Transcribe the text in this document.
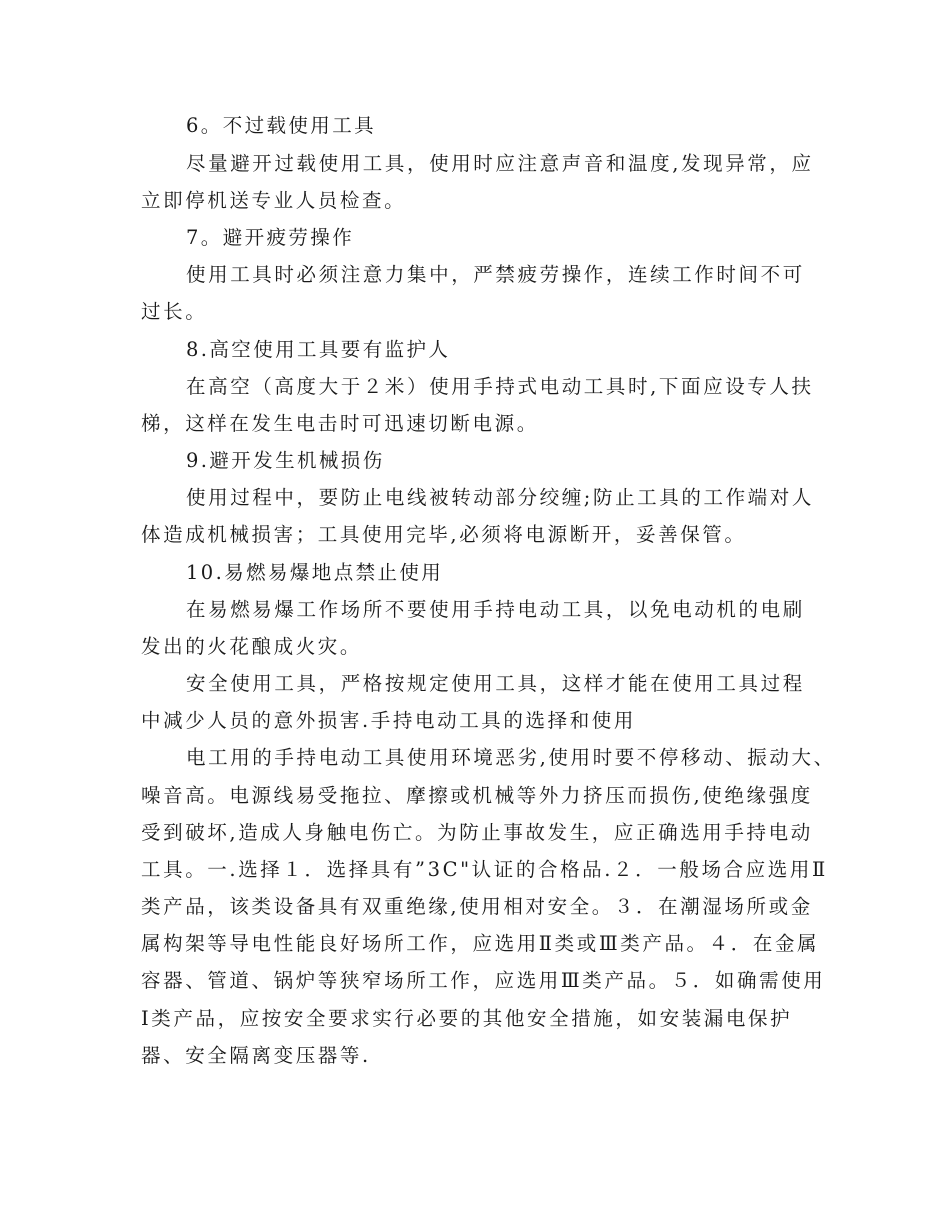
6。不过载使用工具
尽量避开过载使用工具，使用时应注意声音和温度,发现异常，应
立即停机送专业人员检查。
7。避开疲劳操作
使用工具时必须注意力集中，严禁疲劳操作，连续工作时间不可
过长。
8.高空使用工具要有监护人
在高空（高度大于２米）使用手持式电动工具时,下面应设专人扶
梯，这样在发生电击时可迅速切断电源。
9.避开发生机械损伤
使用过程中，要防止电线被转动部分绞缠;防止工具的工作端对人
体造成机械损害；工具使用完毕,必须将电源断开，妥善保管。
10.易燃易爆地点禁止使用
在易燃易爆工作场所不要使用手持电动工具，以免电动机的电刷
发出的火花酿成火灾。
安全使用工具，严格按规定使用工具，这样才能在使用工具过程
中减少人员的意外损害.手持电动工具的选择和使用
电工用的手持电动工具使用环境恶劣,使用时要不停移动、振动大、
噪音高。电源线易受拖拉、摩擦或机械等外力挤压而损伤,使绝缘强度
受到破坏,造成人身触电伤亡。为防止事故发生，应正确选用手持电动
工具。一.选择１．选择具有”3C"认证的合格品.２．一般场合应选用Ⅱ
类产品，该类设备具有双重绝缘,使用相对安全。３．在潮湿场所或金
属构架等导电性能良好场所工作，应选用Ⅱ类或Ⅲ类产品。４．在金属
容器、管道、锅炉等狭窄场所工作，应选用Ⅲ类产品。５．如确需使用
Ⅰ类产品，应按安全要求实行必要的其他安全措施，如安装漏电保护
器、安全隔离变压器等.
